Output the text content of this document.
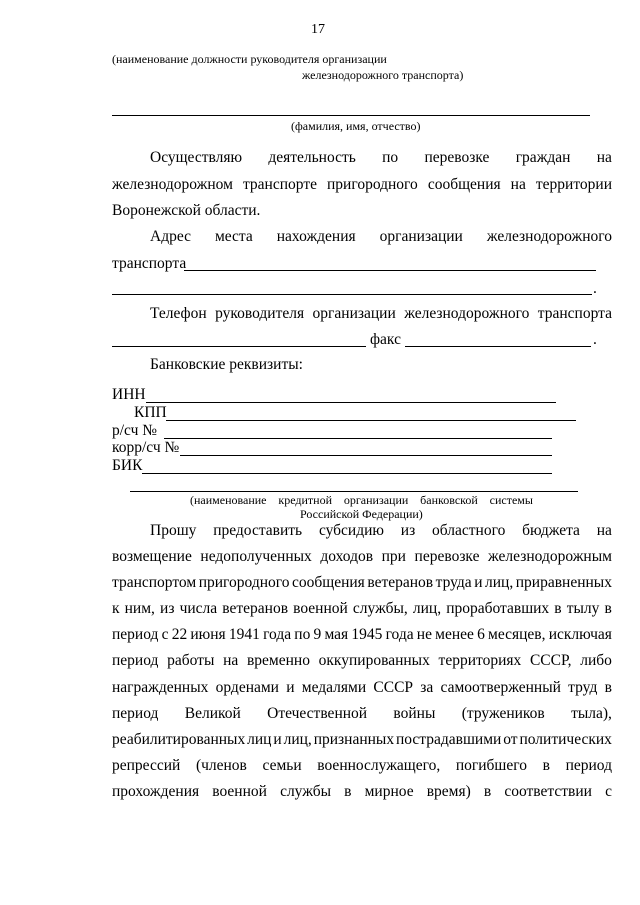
17
(наименование должности руководителя организации
железнодорожного транспорта)
(фамилия, имя, отчество)
Осуществляю деятельность по перевозке граждан на
железнодорожном транспорте пригородного сообщения на территории
Воронежской области.
Адрес места нахождения организации железнодорожного
транспорта
.
Телефон руководителя организации железнодорожного транспорта
факс	.
Банковские реквизиты:
ИНН
КПП
р/сч №
корр/сч №
БИК
(наименование кредитной организации банковской системы
Российской Федерации)
Прошу предоставить субсидию из областного бюджета на
возмещение недополученных доходов при перевозке железнодорожным
транспортом пригородного сообщения ветеранов труда и лиц, приравненных
к ним, из числа ветеранов военной службы, лиц, проработавших в тылу в
период с 22 июня 1941 года по 9 мая 1945 года не менее 6 месяцев, исключая
период работы на временно оккупированных территориях СССР, либо
награжденных орденами и медалями СССР за самоотверженный труд в
период Великой Отечественной войны (тружеников тыла),
реабилитированных лиц и лиц, признанных пострадавшими от политических
репрессий (членов семьи военнослужащего, погибшего в период
прохождения военной службы в мирное время) в соответствии с
